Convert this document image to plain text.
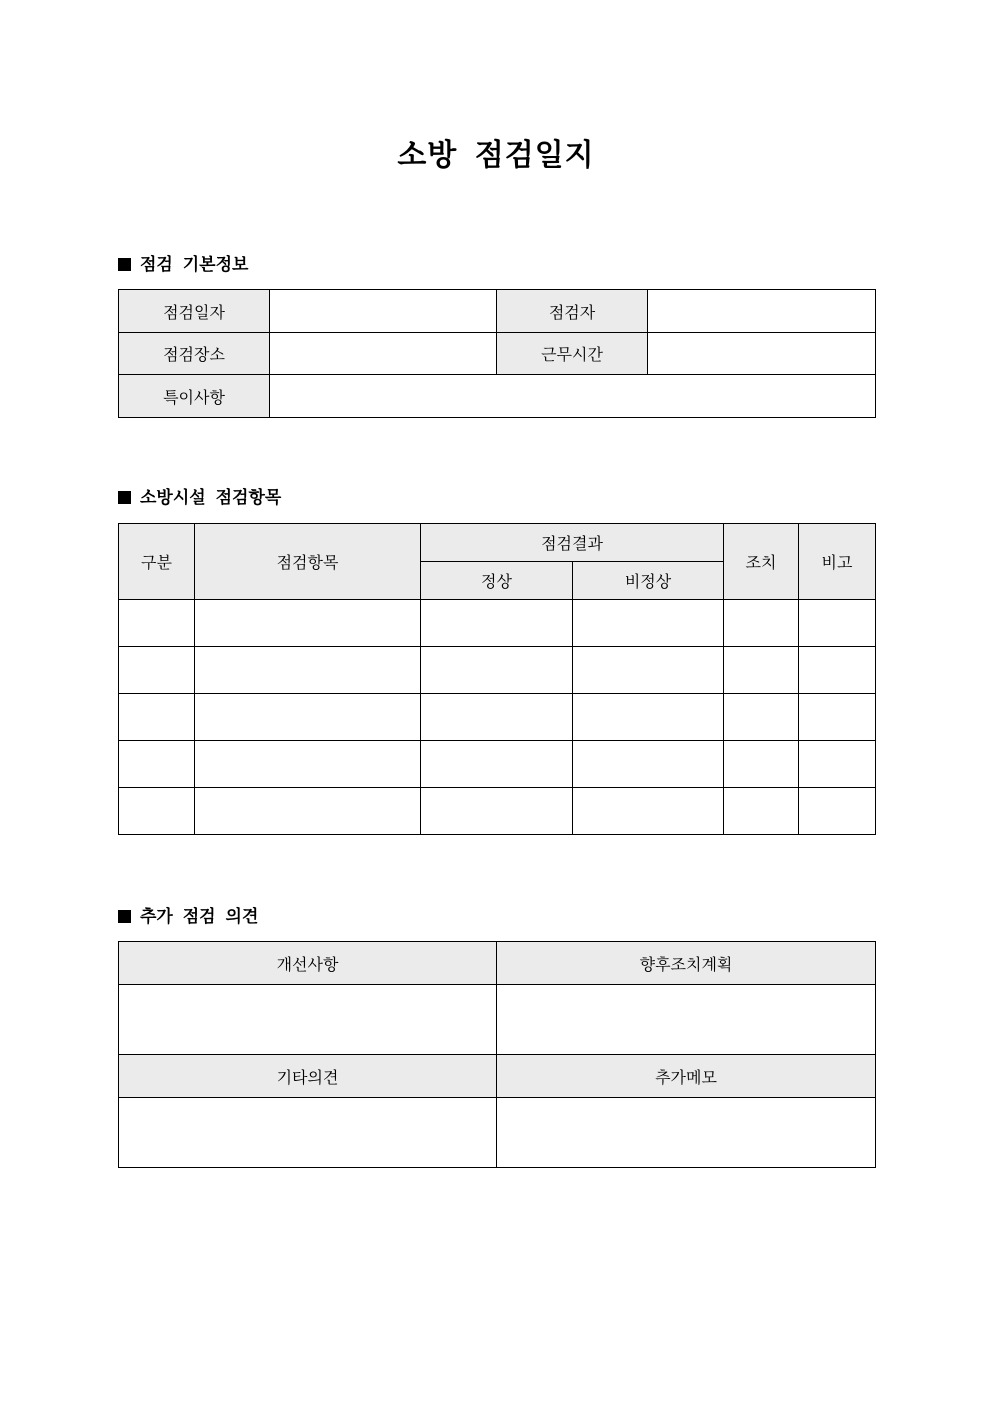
소방 점검일지
점검 기본정보
점검일자		점검자	
점검장소		근무시간	
특이사항			
소방시설 점검항목
구분	점검항목	점검결과		조치	비고
		정상	비정상		

추가 점검 의견
개선사항	향후조치계획

기타의견	추가메모
